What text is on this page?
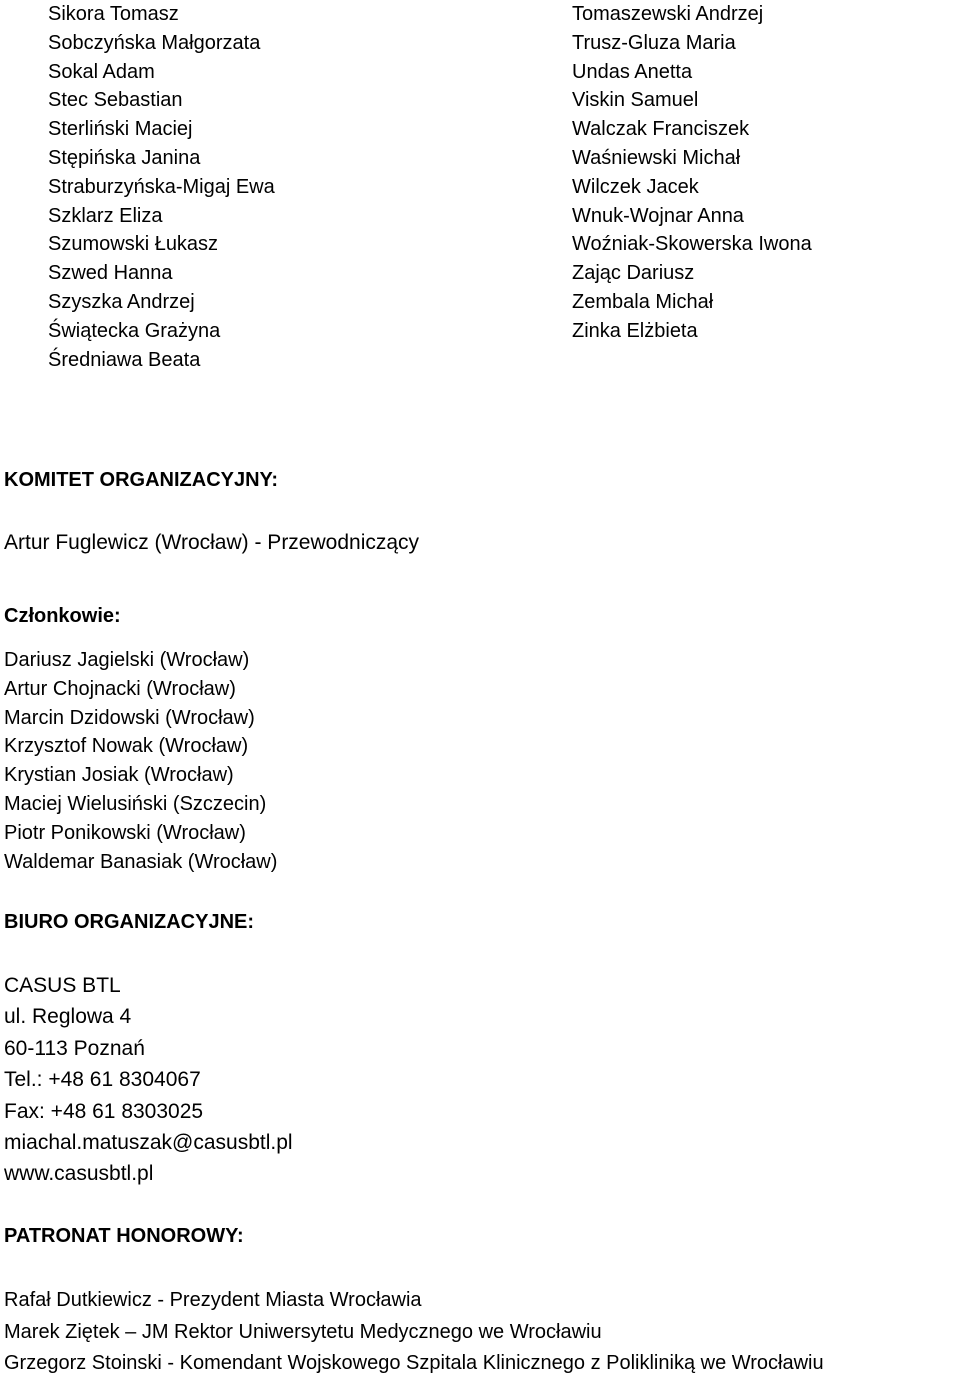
Sikora Tomasz
Sobczyńska Małgorzata
Sokal Adam
Stec Sebastian
Sterliński Maciej
Stępińska Janina
Straburzyńska-Migaj Ewa
Szklarz Eliza
Szumowski Łukasz
Szwed Hanna
Szyszka Andrzej
Świątecka Grażyna
Średniawa Beata
Tomaszewski Andrzej
Trusz-Gluza Maria
Undas Anetta
Viskin Samuel
Walczak Franciszek
Waśniewski Michał
Wilczek Jacek
Wnuk-Wojnar Anna
Woźniak-Skowerska Iwona
Zając Dariusz
Zembala Michał
Zinka Elżbieta

KOMITET ORGANIZACYJNY:

Artur Fuglewicz (Wrocław) - Przewodniczący

Członkowie:

Dariusz Jagielski (Wrocław)
Artur Chojnacki (Wrocław)
Marcin Dzidowski (Wrocław)
Krzysztof Nowak (Wrocław)
Krystian Josiak (Wrocław)
Maciej Wielusiński (Szczecin)
Piotr Ponikowski (Wrocław)
Waldemar Banasiak (Wrocław)

BIURO ORGANIZACYJNE:

CASUS BTL
ul. Reglowa 4
60-113 Poznań
Tel.: +48 61 8304067
Fax: +48 61 8303025
miachal.matuszak@casusbtl.pl
www.casusbtl.pl

PATRONAT HONOROWY:

Rafał Dutkiewicz - Prezydent Miasta Wrocławia
Marek Ziętek – JM Rektor Uniwersytetu Medycznego we Wrocławiu
Grzegorz Stoinski - Komendant Wojskowego Szpitala Klinicznego z Polikliniką we Wrocławiu
